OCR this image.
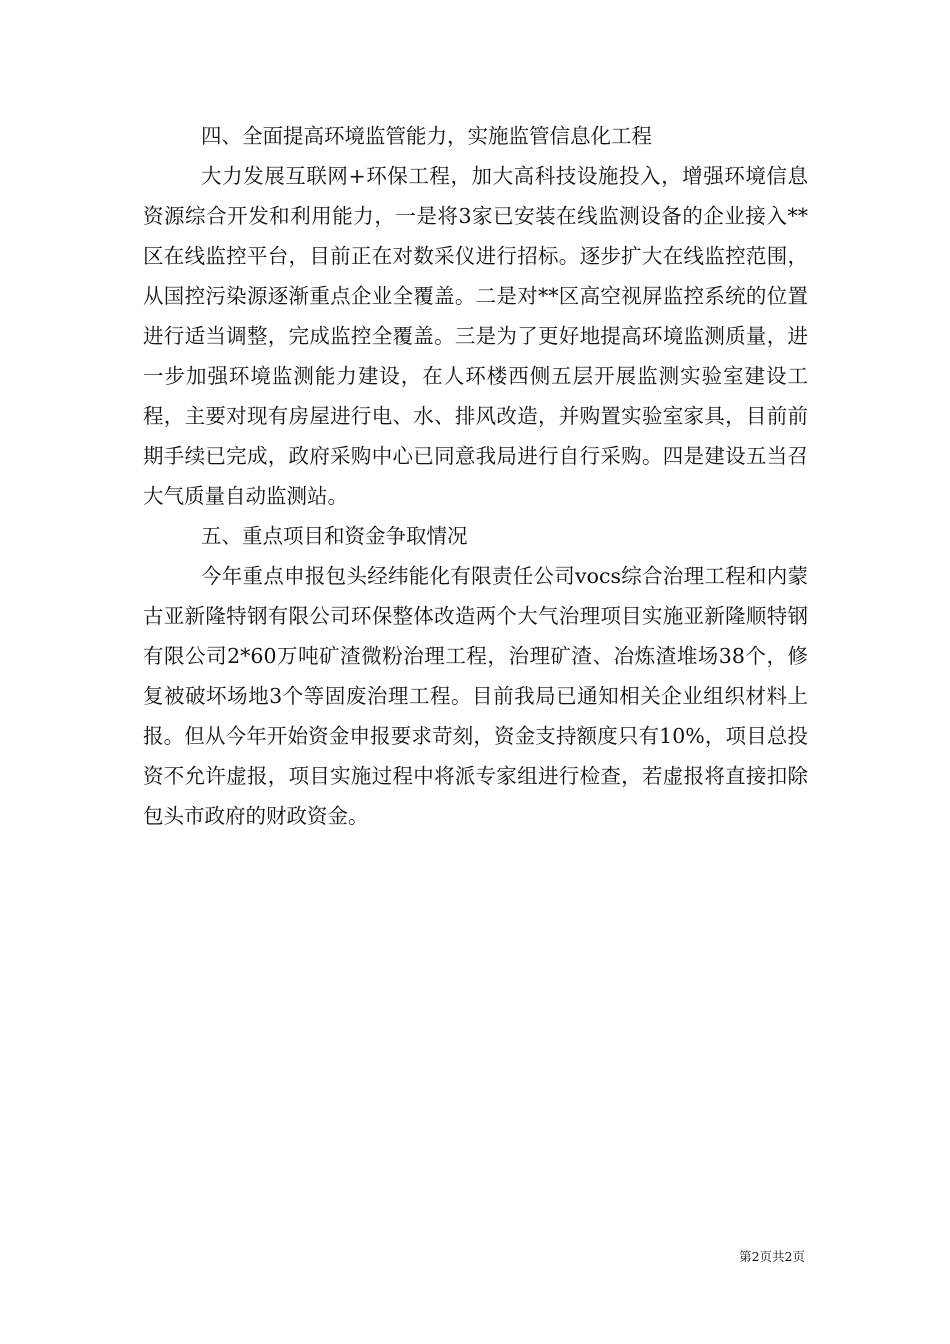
四、全面提高环境监管能力，实施监管信息化工程

大力发展互联网+环保工程，加大高科技设施投入，增强环境信息资源综合开发和利用能力，一是将3家已安装在线监测设备的企业接入**区在线监控平台，目前正在对数采仪进行招标。逐步扩大在线监控范围，从国控污染源逐渐重点企业全覆盖。二是对**区高空视屏监控系统的位置进行适当调整，完成监控全覆盖。三是为了更好地提高环境监测质量，进一步加强环境监测能力建设，在人环楼西侧五层开展监测实验室建设工程，主要对现有房屋进行电、水、排风改造，并购置实验室家具，目前前期手续已完成，政府采购中心已同意我局进行自行采购。四是建设五当召大气质量自动监测站。

五、重点项目和资金争取情况

今年重点申报包头经纬能化有限责任公司vocs综合治理工程和内蒙古亚新隆特钢有限公司环保整体改造两个大气治理项目实施亚新隆顺特钢有限公司2*60万吨矿渣微粉治理工程，治理矿渣、冶炼渣堆场38个，修复被破坏场地3个等固废治理工程。目前我局已通知相关企业组织材料上报。但从今年开始资金申报要求苛刻，资金支持额度只有10%，项目总投资不允许虚报，项目实施过程中将派专家组进行检查，若虚报将直接扣除包头市政府的财政资金。

第2页共2页
